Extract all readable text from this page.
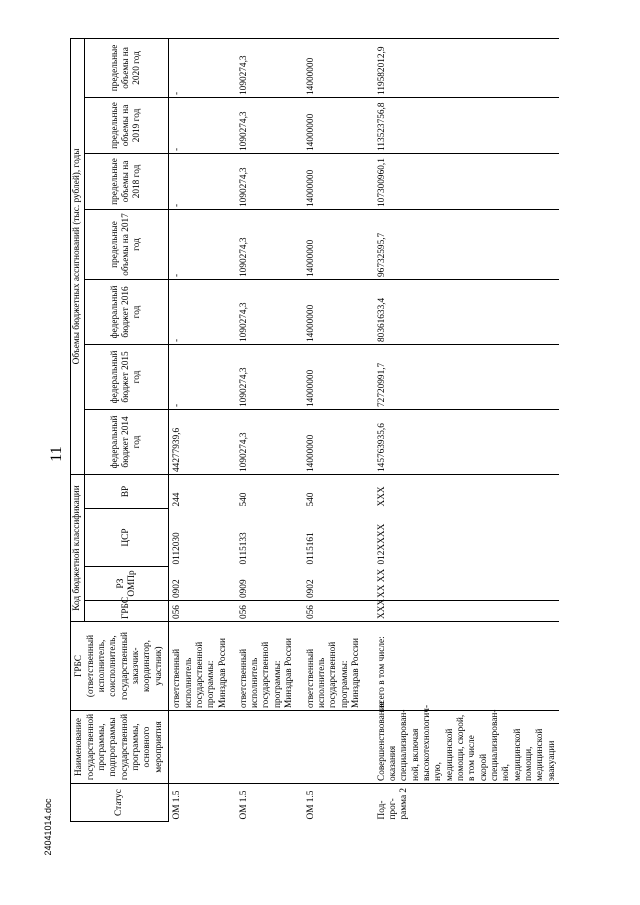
11
Статус	Наименование государственной программы, подпрограммы государственной программы, основного мероприятия	ГРБС (ответственный исполнитель, соисполнитель, государственный заказчик-координатор, участник)	Код бюджетной классификации				Объемы бюджетных ассигнований (тыс. рублей), годы						
			ГРБС	РЗ ОМПр	ЦСР	ВР	федеральный бюджет 2014 год	федеральный бюджет 2015 год	федеральный бюджет 2016 год	предельные объемы на 2017 год	предельные объемы на 2018 год	предельные объемы на 2019 год	предельные объемы на 2020 год
ОМ 1.5		ответственный исполнитель государственной программы: Минздрав России	056	0902	0112030	244	44277939,6	-	-	-	-	-	-
ОМ 1.5		ответственный исполнитель государственной программы: Минздрав России	056	0909	0115133	540	1090274,3	1090274,3	1090274,3	1090274,3	1090274,3	1090274,3	1090274,3
ОМ 1.5		ответственный исполнитель государственной программы: Минздрав России	056	0902	0115161	540	14000000	14000000	14000000	14000000	14000000	14000000	14000000
Под- прог- рамма 2	Совершенствование оказания специализирован- ной, включая высокотехнологич- ную, медицинской помощи, скорой, в том числе скорой специализирован- ной, медицинской помощи, медицинской эвакуации	всего в том числе:	XXX	XX XX	012XXXX	XXX	145763935,6	72720991,7	80361633,4	96732595,7	107300960,1	113523756,8	119582012,9
24041014.doc
